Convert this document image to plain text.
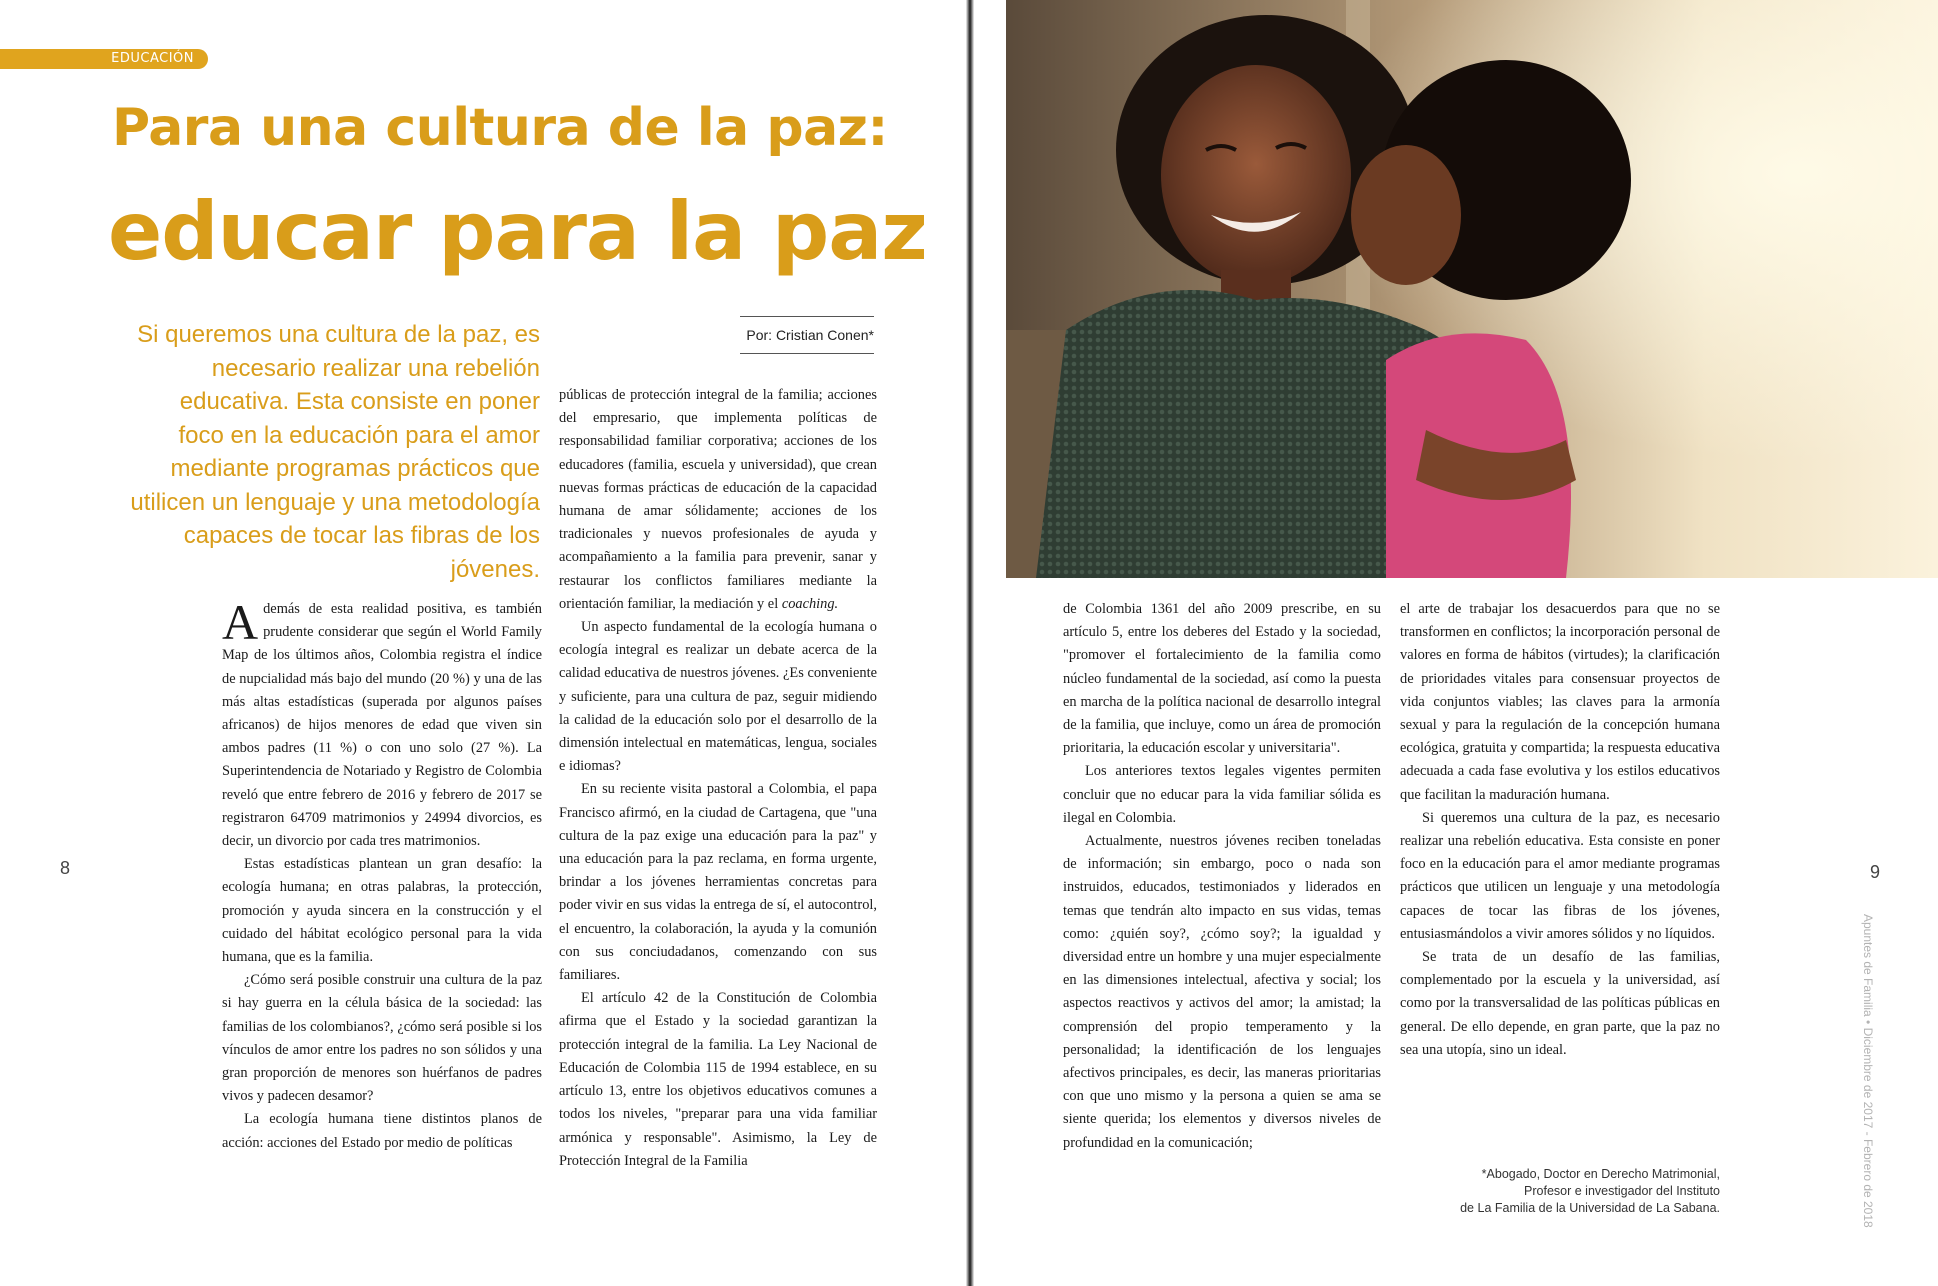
EDUCACIÓN
Para una cultura de la paz:
educar para la paz
Si queremos una cultura de la paz, es necesario realizar una rebelión educativa. Esta consiste en poner foco en la educación para el amor mediante programas prácticos que utilicen un lenguaje y una metodología capaces de tocar las fibras de los jóvenes.
Por: Cristian Conen*

Además de esta realidad positiva, es también prudente considerar que según el World Family Map de los últimos años, Colombia registra el índice de nupcialidad más bajo del mundo (20 %) y una de las más altas estadísticas (superada por algunos países africanos) de hijos menores de edad que viven sin ambos padres (11 %) o con uno solo (27 %). La Superintendencia de Notariado y Registro de Colombia reveló que entre febrero de 2016 y febrero de 2017 se registraron 64709 matrimonios y 24994 divorcios, es decir, un divorcio por cada tres matrimonios.

Estas estadísticas plantean un gran desafío: la ecología humana; en otras palabras, la protección, promoción y ayuda sincera en la construcción y el cuidado del hábitat ecológico personal para la vida humana, que es la familia.

¿Cómo será posible construir una cultura de la paz si hay guerra en la célula básica de la sociedad: las familias de los colombianos?, ¿cómo será posible si los vínculos de amor entre los padres no son sólidos y una gran proporción de menores son huérfanos de padres vivos y padecen desamor?

La ecología humana tiene distintos planos de acción: acciones del Estado por medio de políticas

públicas de protección integral de la familia; acciones del empresario, que implementa políticas de responsabilidad familiar corporativa; acciones de los educadores (familia, escuela y universidad), que crean nuevas formas prácticas de educación de la capacidad humana de amar sólidamente; acciones de los tradicionales y nuevos profesionales de ayuda y acompañamiento a la familia para prevenir, sanar y restaurar los conflictos familiares mediante la orientación familiar, la mediación y el coaching.

Un aspecto fundamental de la ecología humana o ecología integral es realizar un debate acerca de la calidad educativa de nuestros jóvenes. ¿Es conveniente y suficiente, para una cultura de paz, seguir midiendo la calidad de la educación solo por el desarrollo de la dimensión intelectual en matemáticas, lengua, sociales e idiomas?

En su reciente visita pastoral a Colombia, el papa Francisco afirmó, en la ciudad de Cartagena, que "una cultura de la paz exige una educación para la paz" y una educación para la paz reclama, en forma urgente, brindar a los jóvenes herramientas concretas para poder vivir en sus vidas la entrega de sí, el autocontrol, el encuentro, la colaboración, la ayuda y la comunión con sus conciudadanos, comenzando con sus familiares.

El artículo 42 de la Constitución de Colombia afirma que el Estado y la sociedad garantizan la protección integral de la familia. La Ley Nacional de Educación de Colombia 115 de 1994 establece, en su artículo 13, entre los objetivos educativos comunes a todos los niveles, "preparar para una vida familiar armónica y responsable". Asimismo, la Ley de Protección Integral de la Familia

8

de Colombia 1361 del año 2009 prescribe, en su artículo 5, entre los deberes del Estado y la sociedad, "promover el fortalecimiento de la familia como núcleo fundamental de la sociedad, así como la puesta en marcha de la política nacional de desarrollo integral de la familia, que incluye, como un área de promoción prioritaria, la educación escolar y universitaria".

Los anteriores textos legales vigentes permiten concluir que no educar para la vida familiar sólida es ilegal en Colombia.

Actualmente, nuestros jóvenes reciben toneladas de información; sin embargo, poco o nada son instruidos, educados, testimoniados y liderados en temas que tendrán alto impacto en sus vidas, temas como: ¿quién soy?, ¿cómo soy?; la igualdad y diversidad entre un hombre y una mujer especialmente en las dimensiones intelectual, afectiva y social; los aspectos reactivos y activos del amor; la amistad; la comprensión del propio temperamento y la personalidad; la identificación de los lenguajes afectivos principales, es decir, las maneras prioritarias con que uno mismo y la persona a quien se ama se siente querida; los elementos y diversos niveles de profundidad en la comunicación;

el arte de trabajar los desacuerdos para que no se transformen en conflictos; la incorporación personal de valores en forma de hábitos (virtudes); la clarificación de prioridades vitales para consensuar proyectos de vida conjuntos viables; las claves para la armonía sexual y para la regulación de la concepción humana ecológica, gratuita y compartida; la respuesta educativa adecuada a cada fase evolutiva y los estilos educativos que facilitan la maduración humana.

Si queremos una cultura de la paz, es necesario realizar una rebelión educativa. Esta consiste en poner foco en la educación para el amor mediante programas prácticos que utilicen un lenguaje y una metodología capaces de tocar las fibras de los jóvenes, entusiasmándolos a vivir amores sólidos y no líquidos.

Se trata de un desafío de las familias, complementado por la escuela y la universidad, así como por la transversalidad de las políticas públicas en general. De ello depende, en gran parte, que la paz no sea una utopía, sino un ideal.

*Abogado, Doctor en Derecho Matrimonial,
Profesor e investigador del Instituto
de La Familia de la Universidad de La Sabana.
9
Apuntes de Familia • Diciembre de 2017 - Febrero de 2018
